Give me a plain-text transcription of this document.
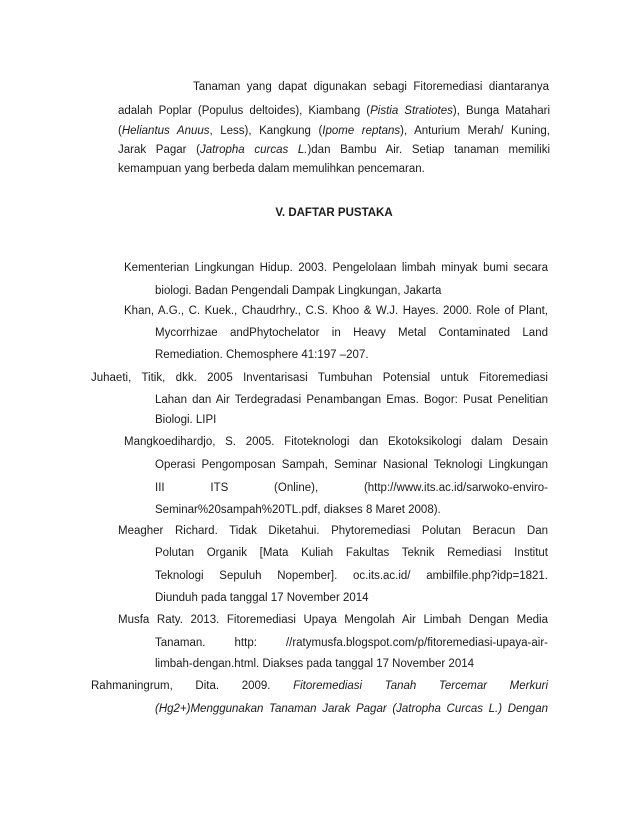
Tanaman yang dapat digunakan sebagi Fitoremediasi diantaranya
adalah Poplar (Populus deltoides), Kiambang (Pistia Stratiotes), Bunga Matahari
(Heliantus Anuus, Less), Kangkung (Ipome reptans), Anturium Merah/ Kuning,
Jarak Pagar (Jatropha curcas L.)dan Bambu Air. Setiap tanaman memiliki
kemampuan yang berbeda dalam memulihkan pencemaran.
V. DAFTAR PUSTAKA
Kementerian Lingkungan Hidup. 2003. Pengelolaan limbah minyak bumi secara
biologi. Badan Pengendali Dampak Lingkungan, Jakarta
Khan, A.G., C. Kuek., Chaudrhry., C.S. Khoo & W.J. Hayes. 2000. Role of Plant,
Mycorrhizae andPhytochelator in Heavy Metal Contaminated Land
Remediation. Chemosphere 41:197 –207.
Juhaeti, Titik, dkk. 2005 Inventarisasi Tumbuhan Potensial untuk Fitoremediasi
Lahan dan Air Terdegradasi Penambangan Emas. Bogor: Pusat Penelitian
Biologi. LIPI
Mangkoedihardjo, S. 2005. Fitoteknologi dan Ekotoksikologi dalam Desain
Operasi Pengomposan Sampah, Seminar Nasional Teknologi Lingkungan
III ITS (Online), (http://www.its.ac.id/sarwoko-enviro-
Seminar%20sampah%20TL.pdf, diakses 8 Maret 2008).
Meagher Richard. Tidak Diketahui. Phytoremediasi Polutan Beracun Dan
Polutan Organik [Mata Kuliah Fakultas Teknik Remediasi Institut
Teknologi Sepuluh Nopember]. oc.its.ac.id/ ambilfile.php?idp=1821.
Diunduh pada tanggal 17 November 2014
Musfa Raty. 2013. Fitoremediasi Upaya Mengolah Air Limbah Dengan Media
Tanaman. http: //ratymusfa.blogspot.com/p/fitoremediasi-upaya-air-
limbah-dengan.html. Diakses pada tanggal 17 November 2014
Rahmaningrum, Dita. 2009. Fitoremediasi Tanah Tercemar Merkuri
(Hg2+)Menggunakan Tanaman Jarak Pagar (Jatropha Curcas L.) Dengan
